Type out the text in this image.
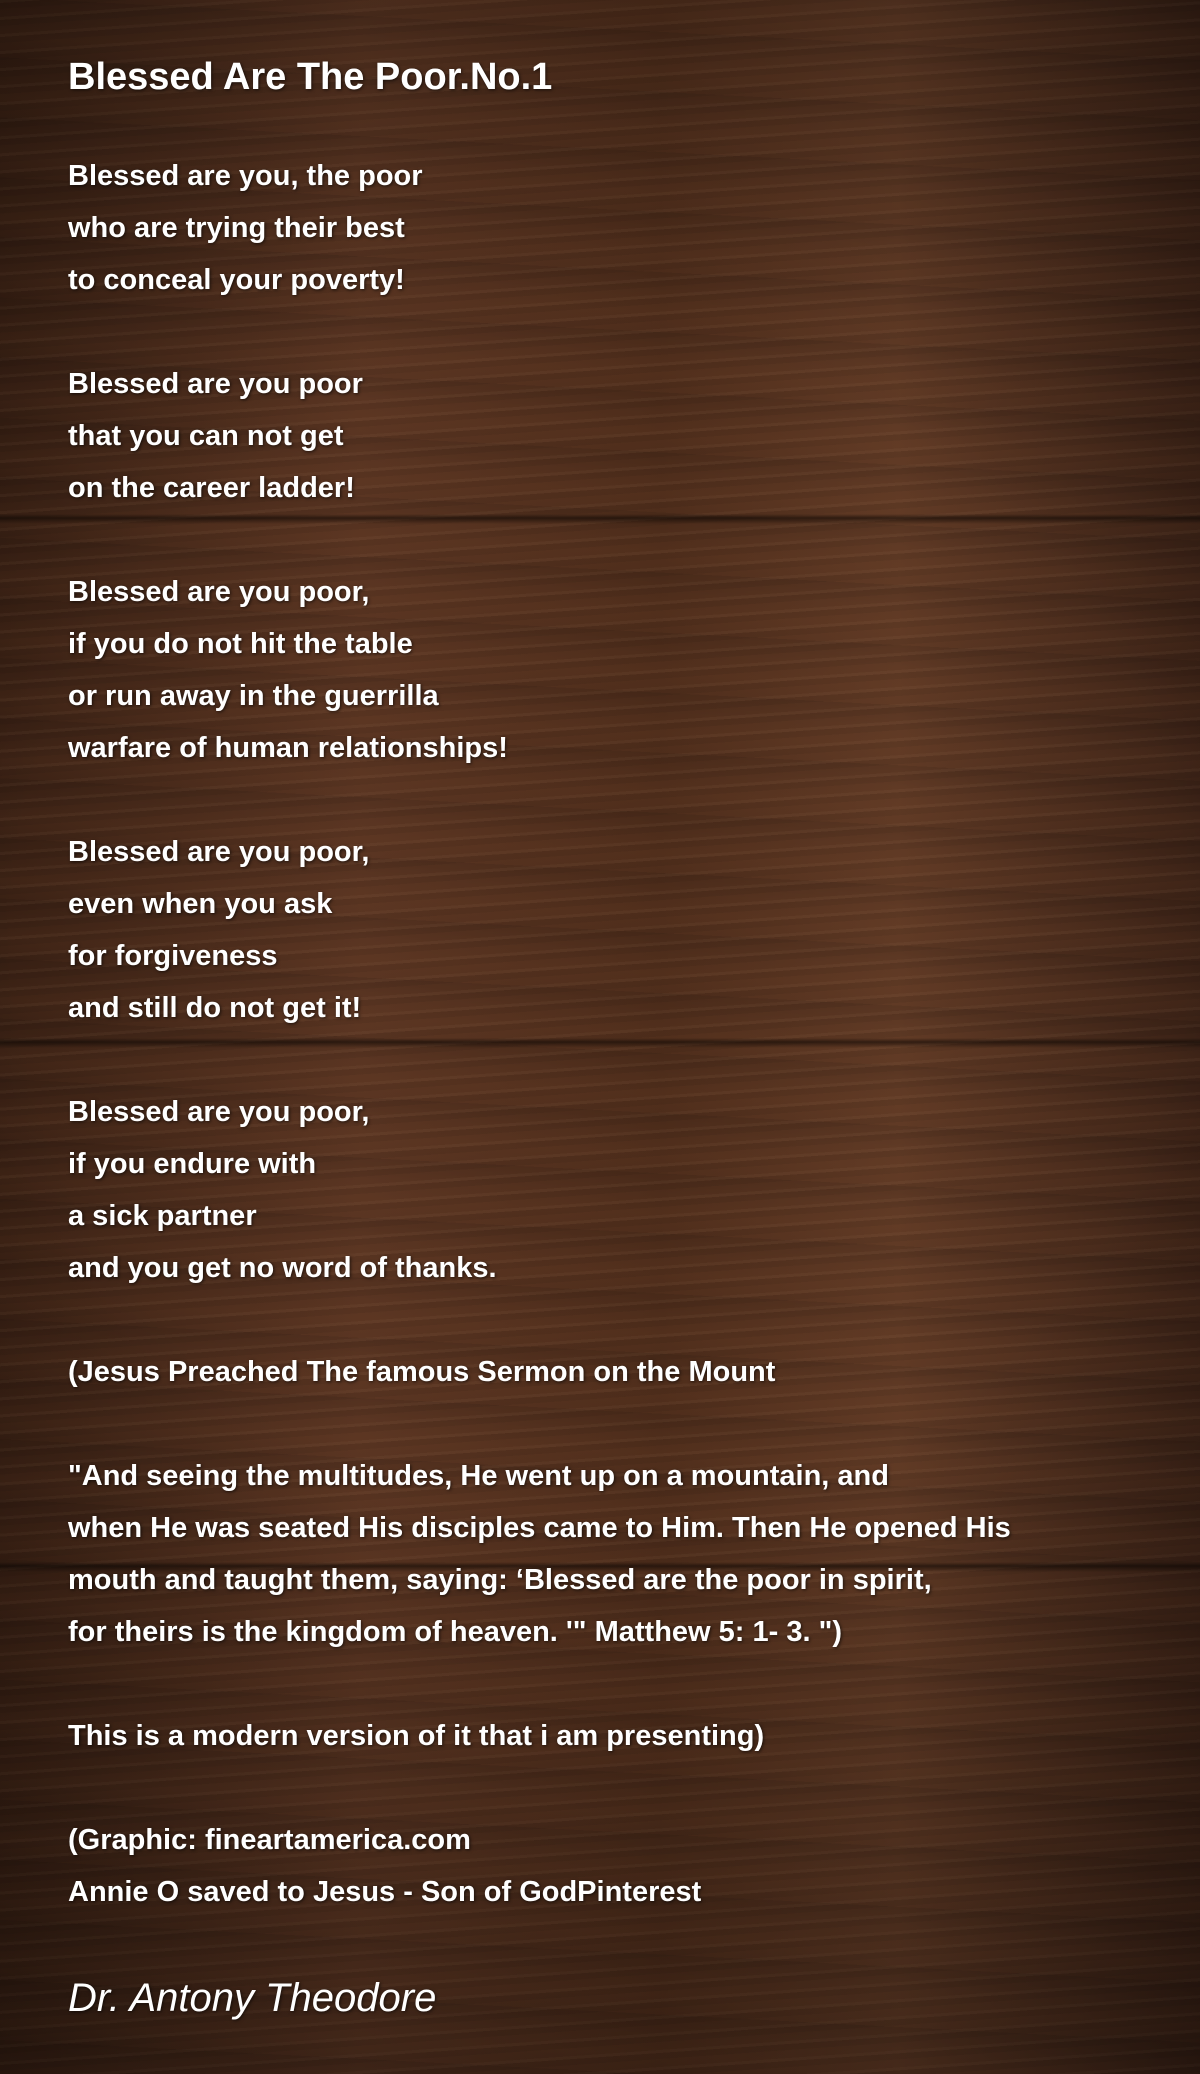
Blessed Are The Poor.No.1
Blessed are you, the poor
who are trying their best
to conceal your poverty!
Blessed are you poor
that you can not get
on the career ladder!
Blessed are you poor,
if you do not hit the table
or run away in the guerrilla
warfare of human relationships!
Blessed are you poor,
even when you ask
for forgiveness
and still do not get it!
Blessed are you poor,
if you endure with
a sick partner
and you get no word of thanks.
(Jesus Preached The famous Sermon on the Mount
"And seeing the multitudes, He went up on a mountain, and
when He was seated His disciples came to Him. Then He opened His
mouth and taught them, saying: ‘Blessed are the poor in spirit,
for theirs is the kingdom of heaven. '" Matthew 5: 1- 3. ")
This is a modern version of it that i am presenting)
(Graphic: fineartamerica.com
Annie O saved to Jesus - Son of GodPinterest
Dr. Antony Theodore
